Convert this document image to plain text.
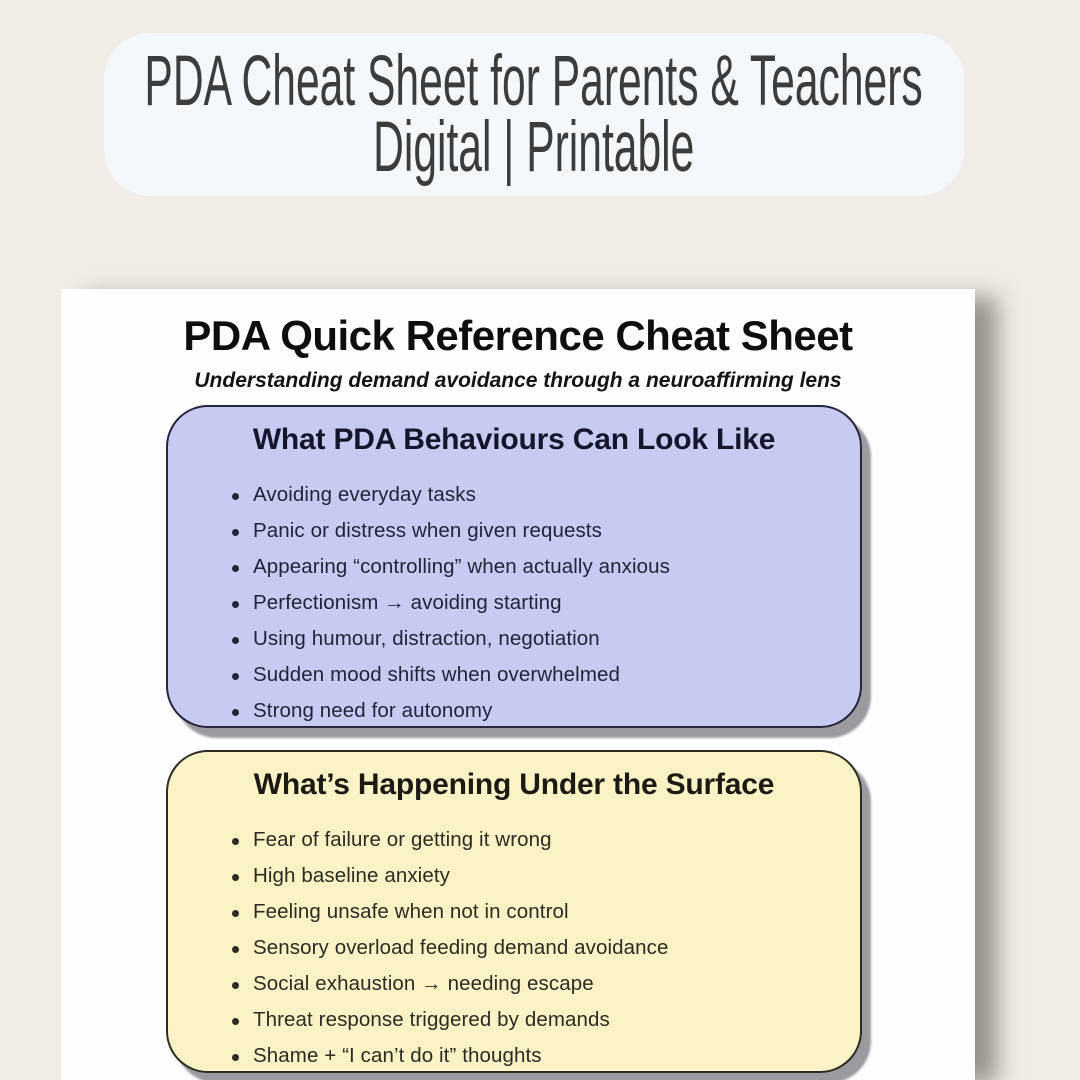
PDA Cheat Sheet for Parents & Teachers
Digital | Printable
PDA Quick Reference Cheat Sheet
Understanding demand avoidance through a neuroaffirming lens
What PDA Behaviours Can Look Like
Avoiding everyday tasks
Panic or distress when given requests
Appearing “controlling” when actually anxious
Perfectionism → avoiding starting
Using humour, distraction, negotiation
Sudden mood shifts when overwhelmed
Strong need for autonomy
What’s Happening Under the Surface
Fear of failure or getting it wrong
High baseline anxiety
Feeling unsafe when not in control
Sensory overload feeding demand avoidance
Social exhaustion → needing escape
Threat response triggered by demands
Shame + “I can’t do it” thoughts
